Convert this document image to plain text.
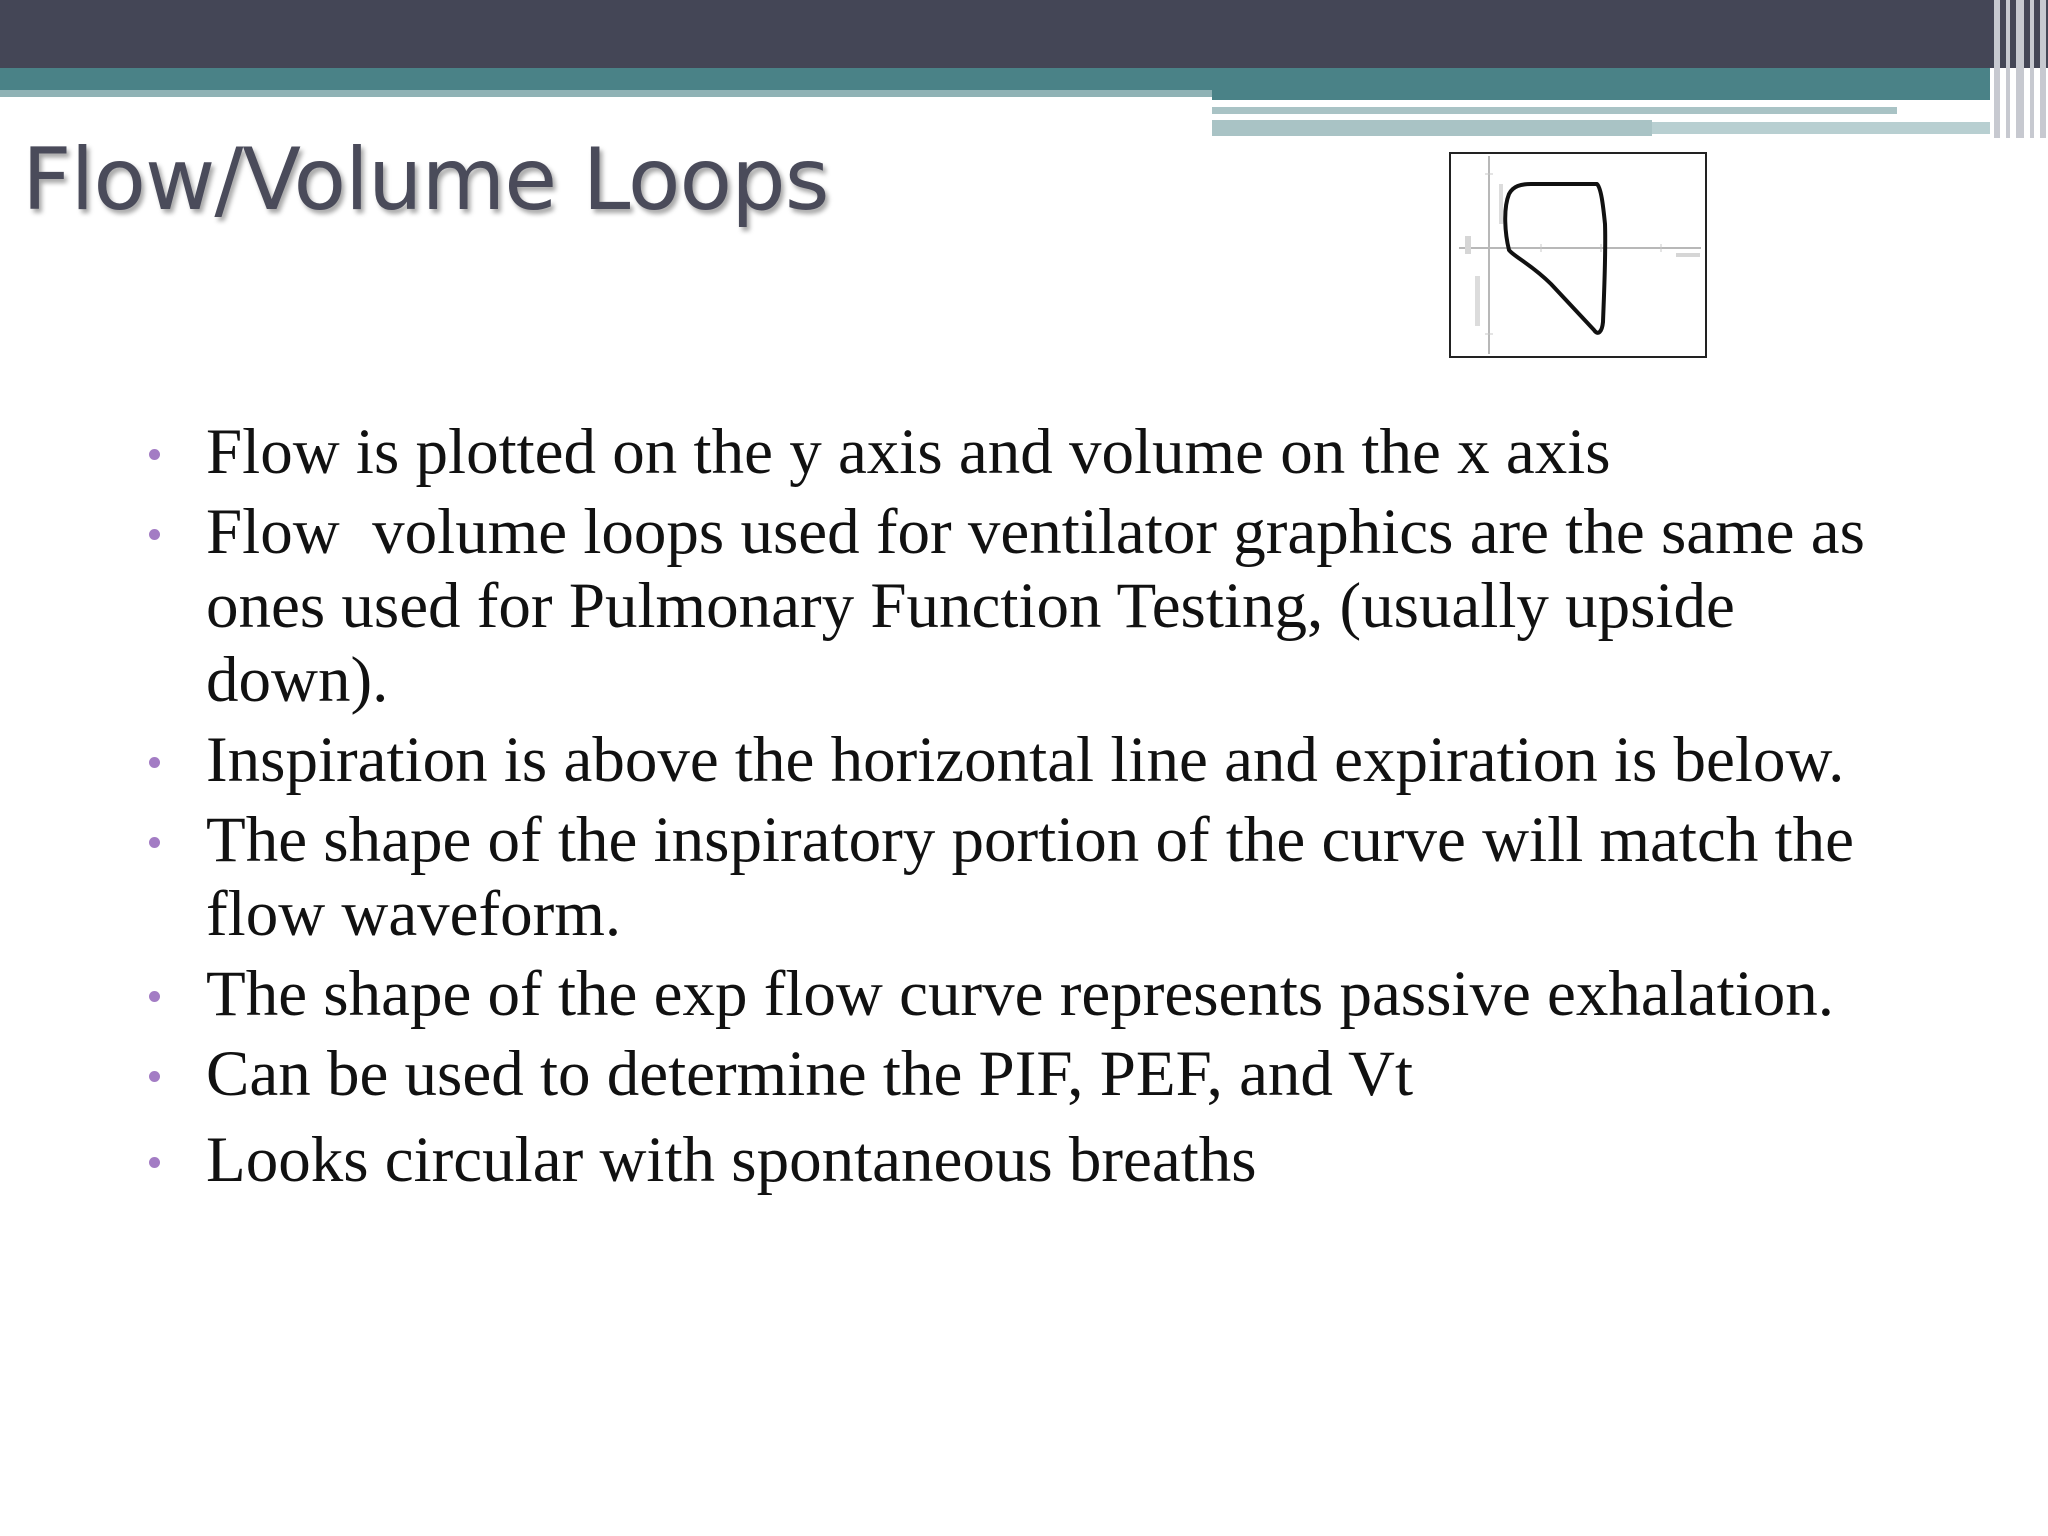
Flow/Volume Loops
Flow is plotted on the y axis and volume on the x axis
Flow  volume loops used for ventilator graphics are the same as ones used for Pulmonary Function Testing, (usually upside down).
Inspiration is above the horizontal line and expiration is below.
The shape of the inspiratory portion of the curve will match the flow waveform.
The shape of the exp flow curve represents passive exhalation.
Can be used to determine the PIF, PEF, and Vt
Looks circular with spontaneous breaths
